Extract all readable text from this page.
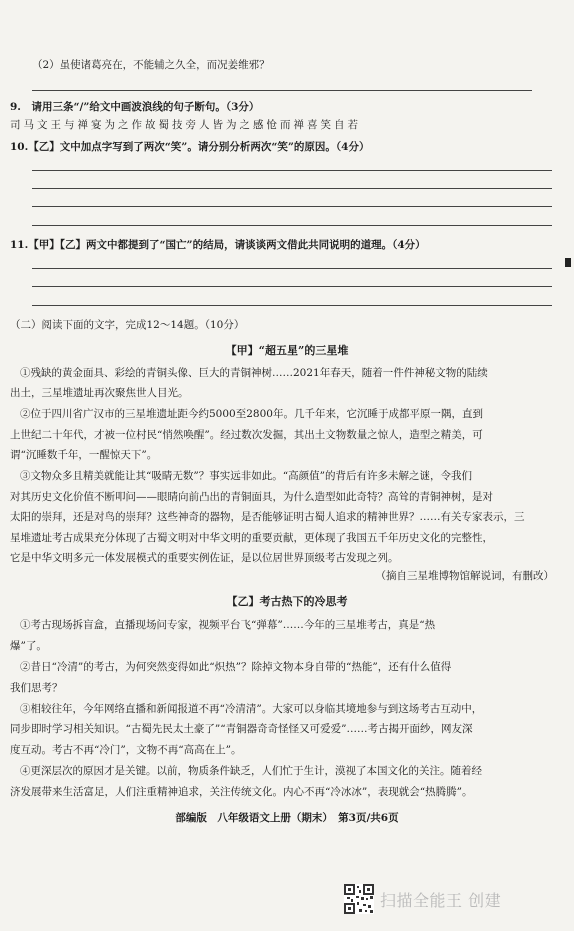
（2）虽使诸葛亮在，不能辅之久全，而况姜维邪？
9.　请用三条“/”给文中画波浪线的句子断句。（3分）
司马文王与禅宴为之作故蜀技旁人皆为之感怆而禅喜笑自若
10.【乙】文中加点字写到了两次“笑”。请分别分析两次“笑”的原因。（4分）
11.【甲】【乙】两文中都提到了“国亡”的结局，请谈谈两文借此共同说明的道理。（4分）
（二）阅读下面的文字，完成12～14题。（10分）
【甲】“超五星”的三星堆
①残缺的黄金面具、彩绘的青铜头像、巨大的青铜神树……2021年春天，随着一件件神秘文物的陆续
出土，三星堆遗址再次聚焦世人目光。
②位于四川省广汉市的三星堆遗址距今约5000至2800年。几千年来，它沉睡于成都平原一隅，直到
上世纪二十年代，才被一位村民“悄然唤醒”。经过数次发掘，其出土文物数量之惊人，造型之精美，可
谓“沉睡数千年，一醒惊天下”。
③文物众多且精美就能让其“吸睛无数”？事实远非如此。“高颜值”的背后有许多未解之谜，令我们
对其历史文化价值不断叩问——眼睛向前凸出的青铜面具，为什么造型如此奇特？高耸的青铜神树，是对
太阳的崇拜，还是对鸟的崇拜？这些神奇的器物，是否能够证明古蜀人追求的精神世界？……有关专家表示，三
星堆遗址考古成果充分体现了古蜀文明对中华文明的重要贡献，更体现了我国五千年历史文化的完整性，
它是中华文明多元一体发展模式的重要实例佐证，是以位居世界顶级考古发现之列。
（摘自三星堆博物馆解说词，有删改）
【乙】考古热下的冷思考
①考古现场拆盲盒，直播现场问专家，视频平台飞“弹幕”……今年的三星堆考古，真是“热
爆”了。
②昔日“冷清”的考古，为何突然变得如此“炽热”？除掉文物本身自带的“热能”，还有什么值得
我们思考？
③相较往年，今年网络直播和新闻报道不再“冷清清”。大家可以身临其境地参与到这场考古互动中，
同步即时学习相关知识。“古蜀先民太土豪了”“青铜器奇奇怪怪又可爱爱”……考古揭开面纱，网友深
度互动。考古不再“冷门”，文物不再“高高在上”。
④更深层次的原因才是关键。以前，物质条件缺乏，人们忙于生计，漠视了本国文化的关注。随着经
济发展带来生活富足，人们注重精神追求，关注传统文化。内心不再“冷冰冰”，表现就会“热腾腾”。
部编版　八年级语文上册（期末）　第3页/共6页
扫描全能王 创建
